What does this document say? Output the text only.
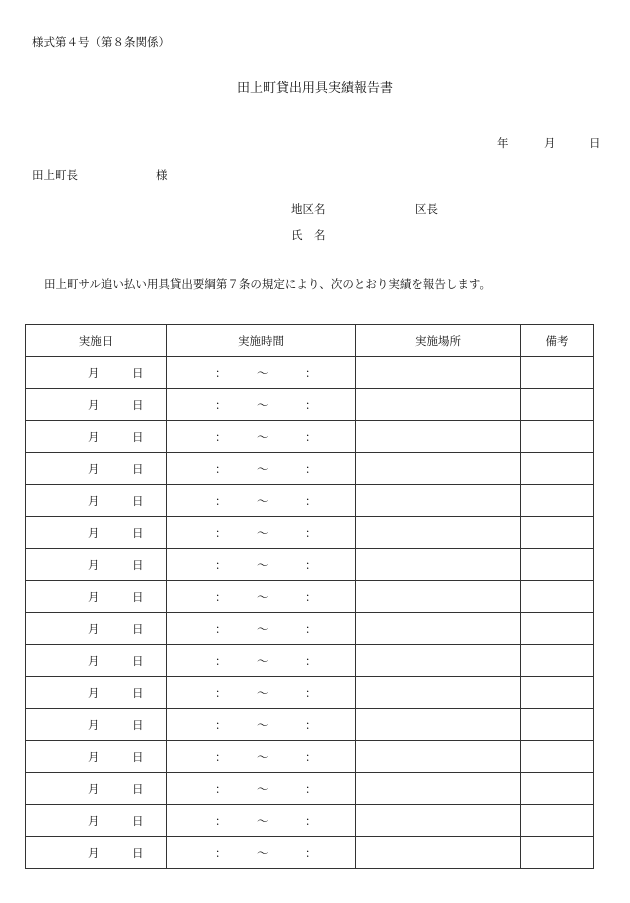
様式第４号（第８条関係）
田上町貸出用具実績報告書
年	月	日
田上町長	様
地区名	区長
氏　名
田上町サル追い払い用具貸出要綱第７条の規定により、次のとおり実績を報告します。
実施日	実施時間	実施場所	備考

月 日	： 〜 ：		

月 日	： 〜 ：		

月 日	： 〜 ：		

月 日	： 〜 ：		

月 日	： 〜 ：		

月 日	： 〜 ：		

月 日	： 〜 ：		

月 日	： 〜 ：		

月 日	： 〜 ：		

月 日	： 〜 ：		

月 日	： 〜 ：		

月 日	： 〜 ：		

月 日	： 〜 ：		

月 日	： 〜 ：		

月 日	： 〜 ：		

月 日	： 〜 ：		
